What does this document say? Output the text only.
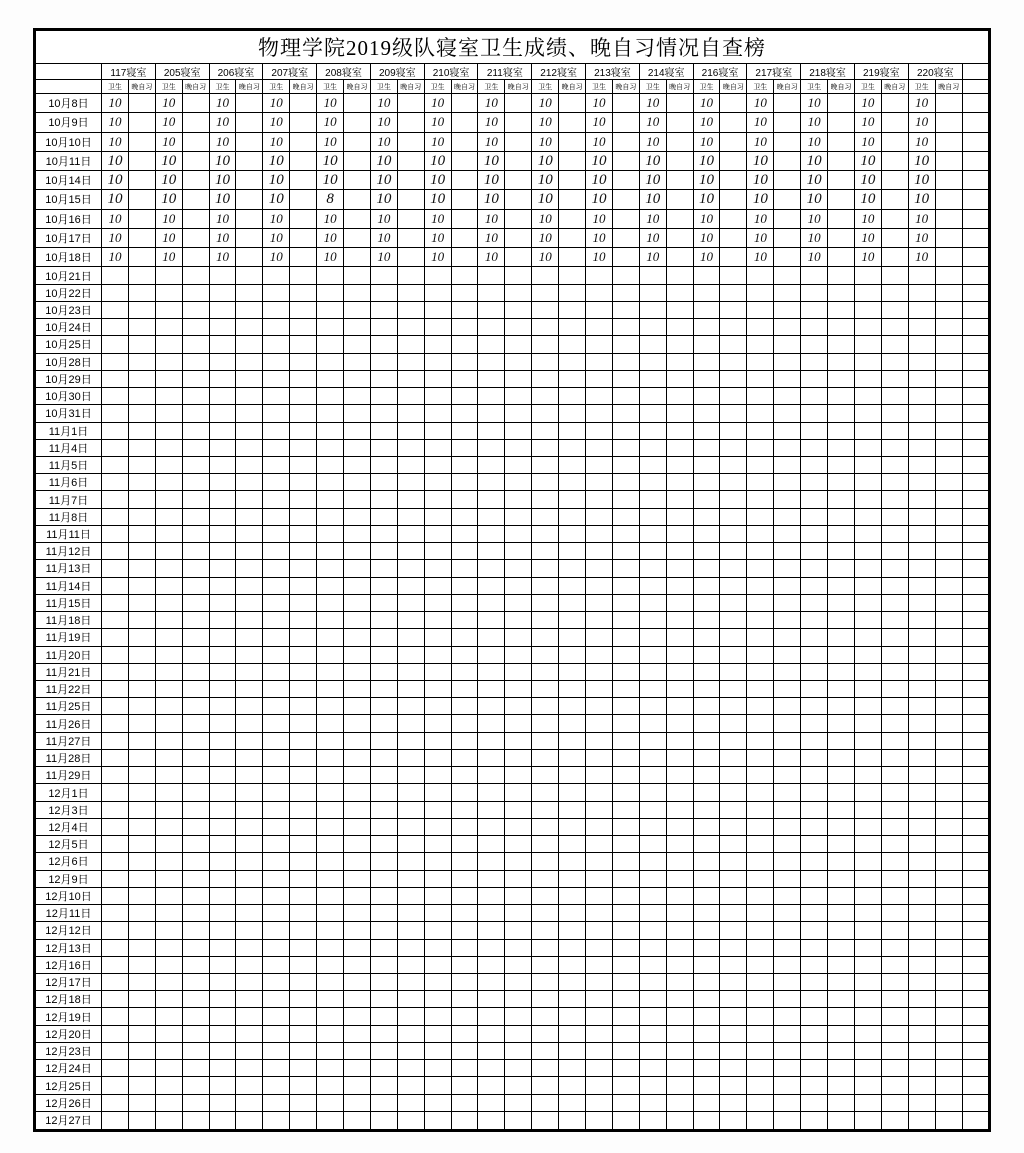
物理学院2019级队寝室卫生成绩、晚自习情况自查榜																																	
	117寝室		205寝室		206寝室		207寝室		208寝室		209寝室		210寝室		211寝室		212寝室		213寝室		214寝室		216寝室		217寝室		218寝室		219寝室		220寝室		
	卫生	晚自习	卫生	晚自习	卫生	晚自习	卫生	晚自习	卫生	晚自习	卫生	晚自习	卫生	晚自习	卫生	晚自习	卫生	晚自习	卫生	晚自习	卫生	晚自习	卫生	晚自习	卫生	晚自习	卫生	晚自习	卫生	晚自习	卫生	晚自习	
10月8日	10		10		10		10		10		10		10		10		10		10		10		10		10		10		10		10		
10月9日	10		10		10		10		10		10		10		10		10		10		10		10		10		10		10		10		
10月10日	10		10		10		10		10		10		10		10		10		10		10		10		10		10		10		10		
10月11日	10		10		10		10		10		10		10		10		10		10		10		10		10		10		10		10		
10月14日	10		10		10		10		10		10		10		10		10		10		10		10		10		10		10		10		
10月15日	10		10		10		10		8		10		10		10		10		10		10		10		10		10		10		10		
10月16日	10		10		10		10		10		10		10		10		10		10		10		10		10		10		10		10		
10月17日	10		10		10		10		10		10		10		10		10		10		10		10		10		10		10		10		
10月18日	10		10		10		10		10		10		10		10		10		10		10		10		10		10		10		10		
10月21日																																	
10月22日																																	
10月23日																																	
10月24日																																	
10月25日																																	
10月28日																																	
10月29日																																	
10月30日																																	
10月31日																																	
11月1日																																	
11月4日																																	
11月5日																																	
11月6日																																	
11月7日																																	
11月8日																																	
11月11日																																	
11月12日																																	
11月13日																																	
11月14日																																	
11月15日																																	
11月18日																																	
11月19日																																	
11月20日																																	
11月21日																																	
11月22日																																	
11月25日																																	
11月26日																																	
11月27日																																	
11月28日																																	
11月29日																																	
12月1日																																	
12月3日																																	
12月4日																																	
12月5日																																	
12月6日																																	
12月9日																																	
12月10日																																	
12月11日																																	
12月12日																																	
12月13日																																	
12月16日																																	
12月17日																																	
12月18日																																	
12月19日																																	
12月20日																																	
12月23日																																	
12月24日																																	
12月25日																																	
12月26日																																	
12月27日																																	
